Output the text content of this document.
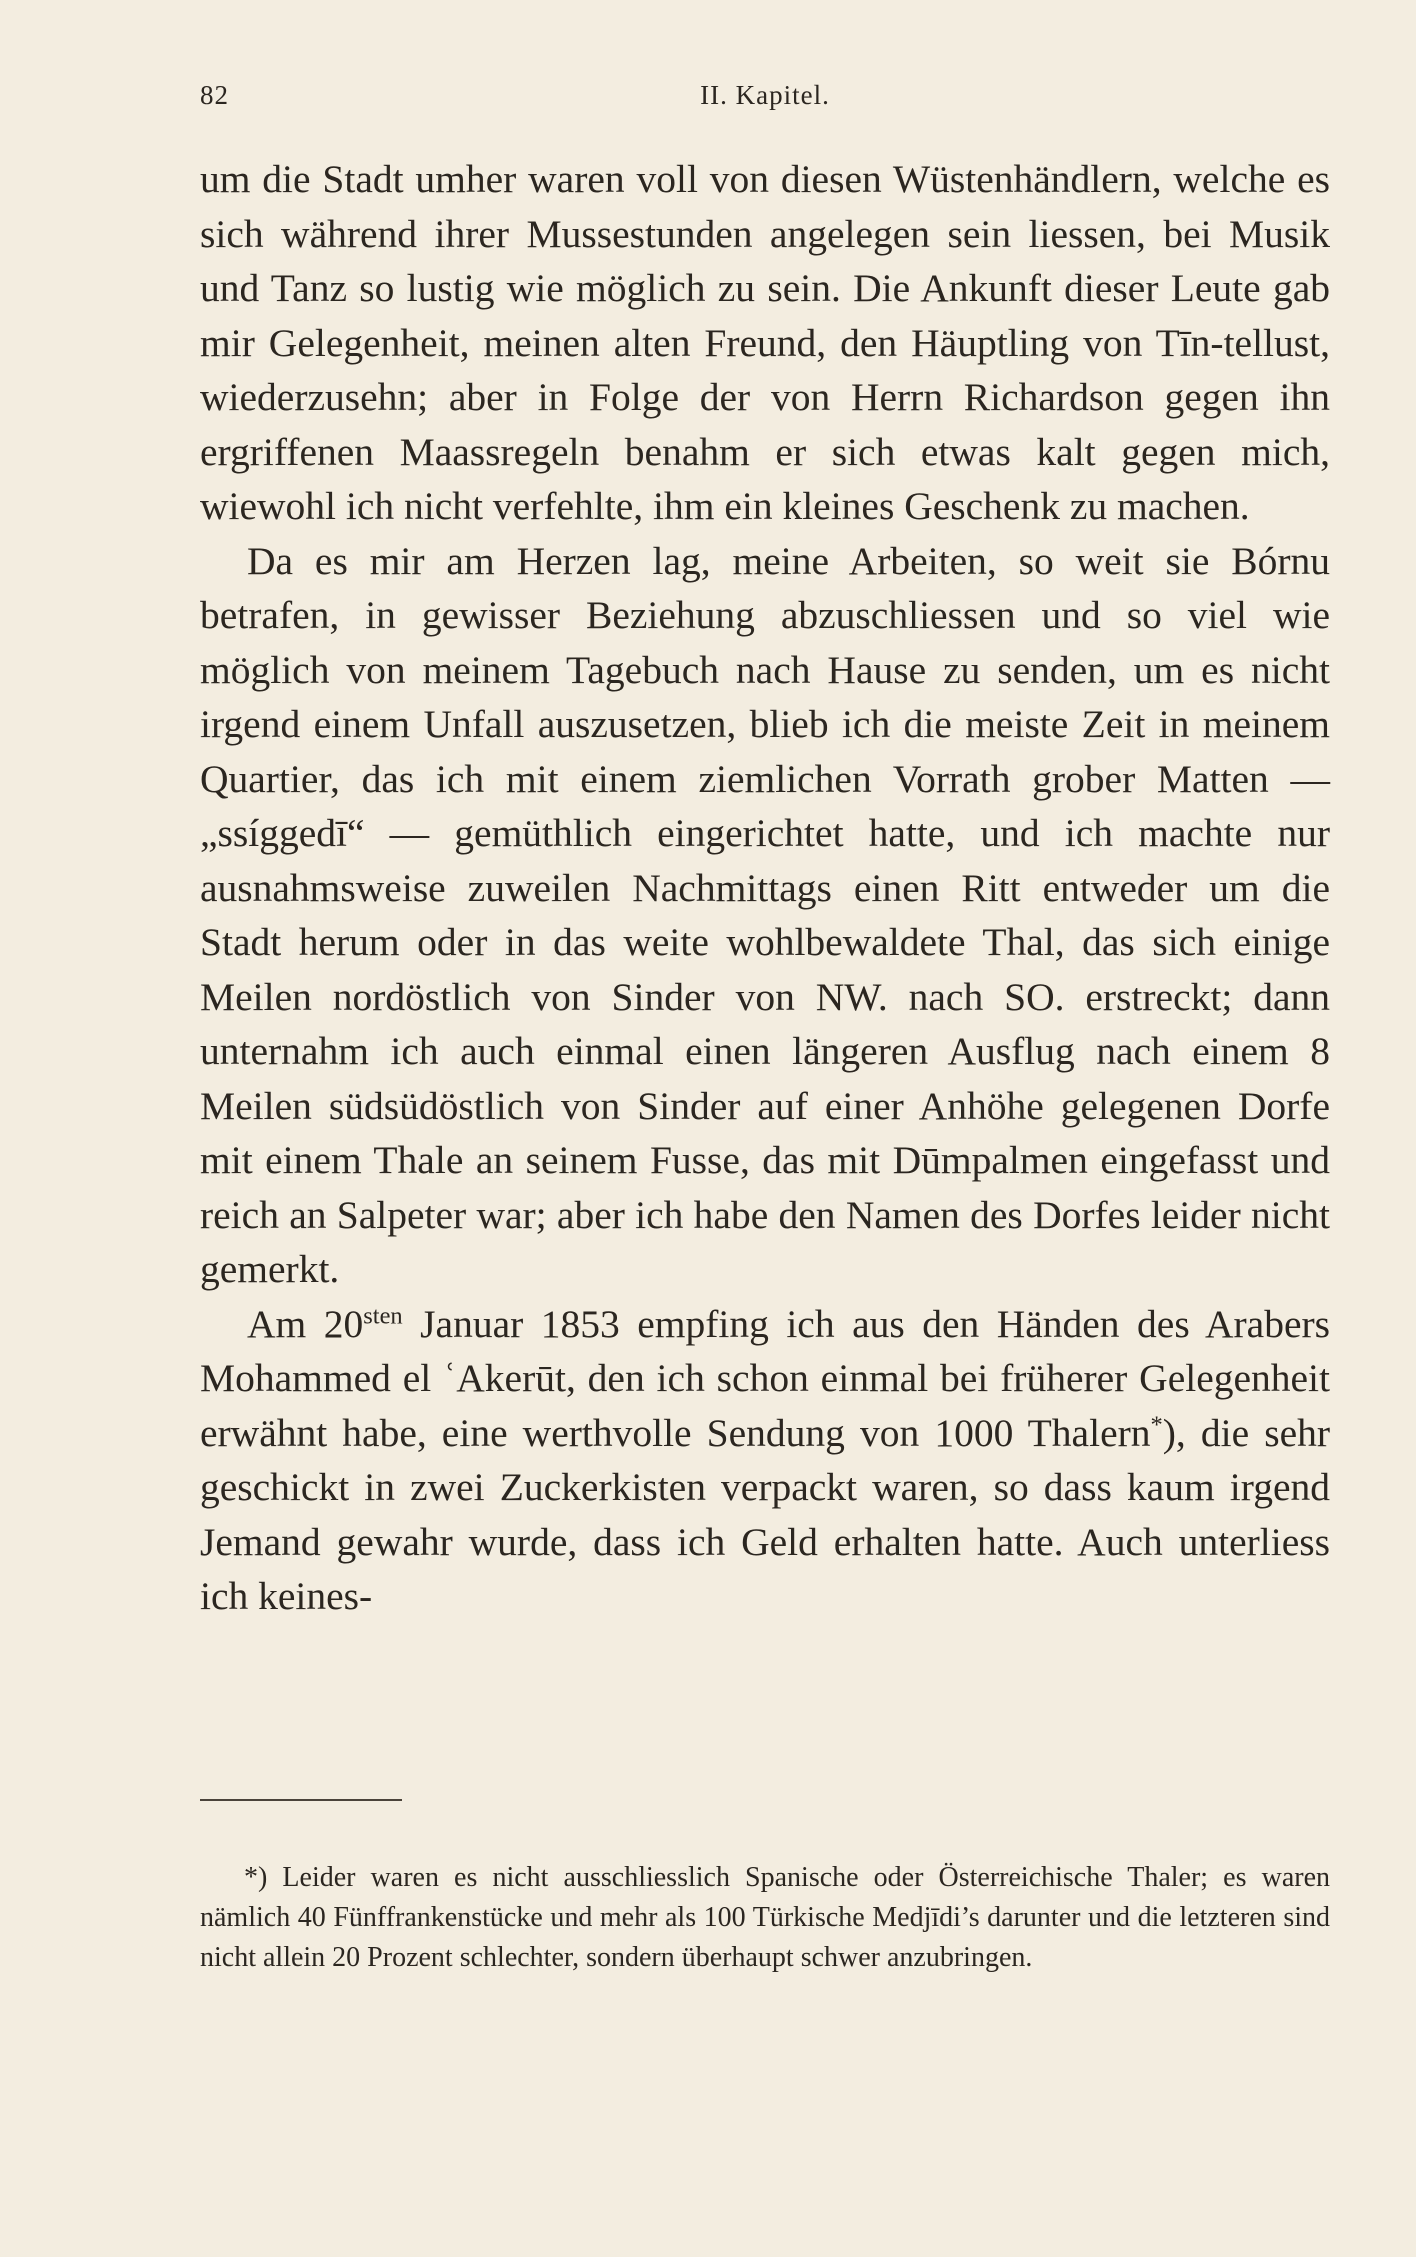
82	II. Kapitel.

um die Stadt umher waren voll von diesen Wüstenhändlern, welche es sich während ihrer Mussestunden angelegen sein liessen, bei Musik und Tanz so lustig wie möglich zu sein. Die Ankunft dieser Leute gab mir Gelegenheit, meinen alten Freund, den Häuptling von Tīn-tellust, wiederzusehn; aber in Folge der von Herrn Richardson gegen ihn ergriffenen Maassregeln benahm er sich etwas kalt gegen mich, wiewohl ich nicht verfehlte, ihm ein kleines Geschenk zu machen.

Da es mir am Herzen lag, meine Arbeiten, so weit sie Bórnu betrafen, in gewisser Beziehung abzuschliessen und so viel wie möglich von meinem Tagebuch nach Hause zu senden, um es nicht irgend einem Unfall auszusetzen, blieb ich die meiste Zeit in meinem Quartier, das ich mit einem ziemlichen Vorrath grober Matten — „ssíggedī“ — gemüthlich eingerichtet hatte, und ich machte nur ausnahmsweise zuweilen Nachmittags einen Ritt entweder um die Stadt herum oder in das weite wohlbewaldete Thal, das sich einige Meilen nordöstlich von Sinder von NW. nach SO. erstreckt; dann unternahm ich auch einmal einen längeren Ausflug nach einem 8 Meilen südsüdöstlich von Sinder auf einer Anhöhe gelegenen Dorfe mit einem Thale an seinem Fusse, das mit Dūmpalmen eingefasst und reich an Salpeter war; aber ich habe den Namen des Dorfes leider nicht gemerkt.

Am $20^{sten}$ Januar 1853 empfing ich aus den Händen des Arabers Mohammed el ʿAkerūt, den ich schon einmal bei früherer Gelegenheit erwähnt habe, eine werthvolle Sendung von 1000 Thalern*), die sehr geschickt in zwei Zuckerkisten verpackt waren, so dass kaum irgend Jemand gewahr wurde, dass ich Geld erhalten hatte. Auch unterliess ich keines-

*) Leider waren es nicht ausschliesslich Spanische oder Österreichische Thaler; es waren nämlich 40 Fünffrankenstücke und mehr als 100 Türkische Medjīdi’s darunter und die letzteren sind nicht allein 20 Prozent schlechter, sondern überhaupt schwer anzubringen.
